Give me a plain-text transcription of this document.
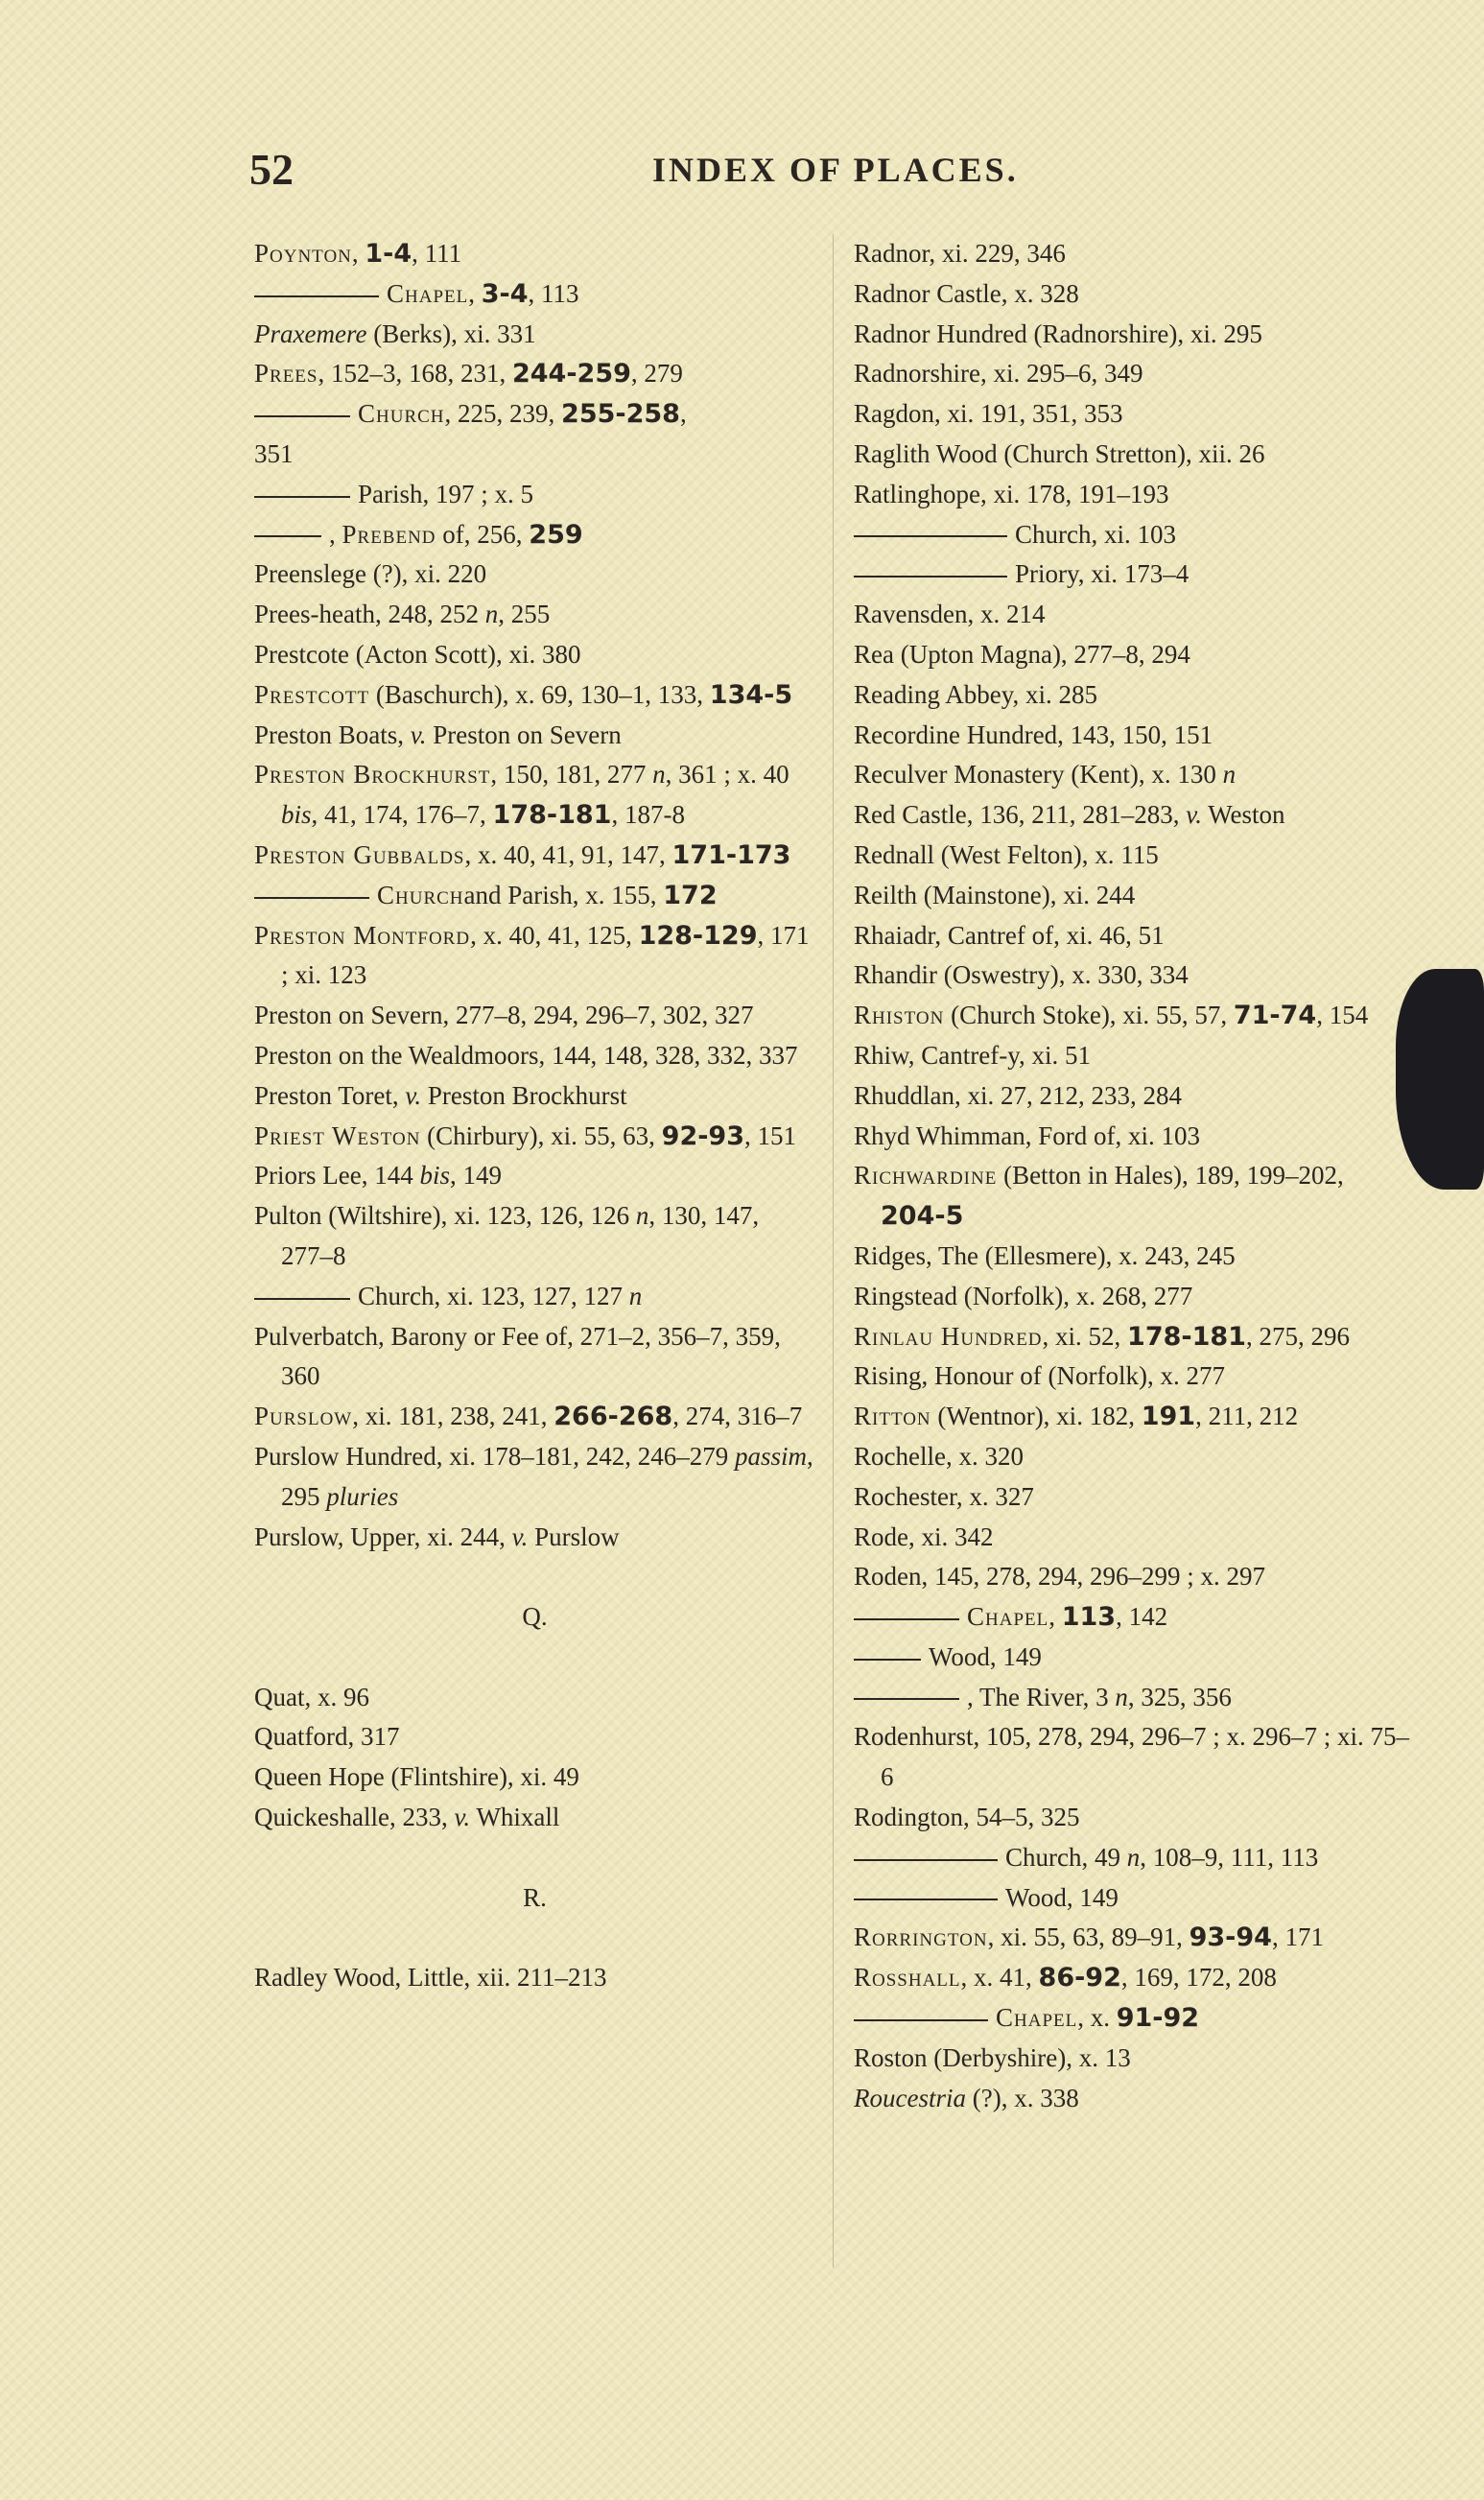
52	INDEX OF PLACES.
Poynton, 1-4, 111
Chapel, 3-4, 113
Praxemere (Berks), xi. 331
Prees, 152–3, 168, 231, 244-259, 279
Church, 225, 239, 255-258,
351
Parish, 197 ; x. 5
, Prebend of, 256, 259
Preenslege (?), xi. 220
Prees-heath, 248, 252 n, 255
Prestcote (Acton Scott), xi. 380
Prestcott (Baschurch), x. 69, 130–1, 133, 134-5
Preston Boats, v. Preston on Severn
Preston Brockhurst, 150, 181, 277 n, 361 ; x. 40 bis, 41, 174, 176–7, 178-181, 187-8
Preston Gubbalds, x. 40, 41, 91, 147, 171-173
Churchand Parish, x. 155, 172
Preston Montford, x. 40, 41, 125, 128-129, 171 ; xi. 123
Preston on Severn, 277–8, 294, 296–7, 302, 327
Preston on the Wealdmoors, 144, 148, 328, 332, 337
Preston Toret, v. Preston Brockhurst
Priest Weston (Chirbury), xi. 55, 63, 92-93, 151
Priors Lee, 144 bis, 149
Pulton (Wiltshire), xi. 123, 126, 126 n, 130, 147, 277–8
Church, xi. 123, 127, 127 n
Pulverbatch, Barony or Fee of, 271–2, 356–7, 359, 360
Purslow, xi. 181, 238, 241, 266-268, 274, 316–7
Purslow Hundred, xi. 178–181, 242, 246–279 passim, 295 pluries
Purslow, Upper, xi. 244, v. Purslow
Q.
Quat, x. 96
Quatford, 317
Queen Hope (Flintshire), xi. 49
Quickeshalle, 233, v. Whixall
R.
Radley Wood, Little, xii. 211–213
Radnor, xi. 229, 346
Radnor Castle, x. 328
Radnor Hundred (Radnorshire), xi. 295
Radnorshire, xi. 295–6, 349
Ragdon, xi. 191, 351, 353
Raglith Wood (Church Stretton), xii. 26
Ratlinghope, xi. 178, 191–193
Church, xi. 103
Priory, xi. 173–4
Ravensden, x. 214
Rea (Upton Magna), 277–8, 294
Reading Abbey, xi. 285
Recordine Hundred, 143, 150, 151
Reculver Monastery (Kent), x. 130 n
Red Castle, 136, 211, 281–283, v. Weston
Rednall (West Felton), x. 115
Reilth (Mainstone), xi. 244
Rhaiadr, Cantref of, xi. 46, 51
Rhandir (Oswestry), x. 330, 334
Rhiston (Church Stoke), xi. 55, 57, 71-74, 154
Rhiw, Cantref-y, xi. 51
Rhuddlan, xi. 27, 212, 233, 284
Rhyd Whimman, Ford of, xi. 103
Richwardine (Betton in Hales), 189, 199–202, 204-5
Ridges, The (Ellesmere), x. 243, 245
Ringstead (Norfolk), x. 268, 277
Rinlau Hundred, xi. 52, 178-181, 275, 296
Rising, Honour of (Norfolk), x. 277
Ritton (Wentnor), xi. 182, 191, 211, 212
Rochelle, x. 320
Rochester, x. 327
Rode, xi. 342
Roden, 145, 278, 294, 296–299 ; x. 297
Chapel, 113, 142
Wood, 149
, The River, 3 n, 325, 356
Rodenhurst, 105, 278, 294, 296–7 ; x. 296–7 ; xi. 75–6
Rodington, 54–5, 325
Church, 49 n, 108–9, 111, 113
Wood, 149
Rorrington, xi. 55, 63, 89–91, 93-94, 171
Rosshall, x. 41, 86-92, 169, 172, 208
Chapel, x. 91-92
Roston (Derbyshire), x. 13
Roucestria (?), x. 338
